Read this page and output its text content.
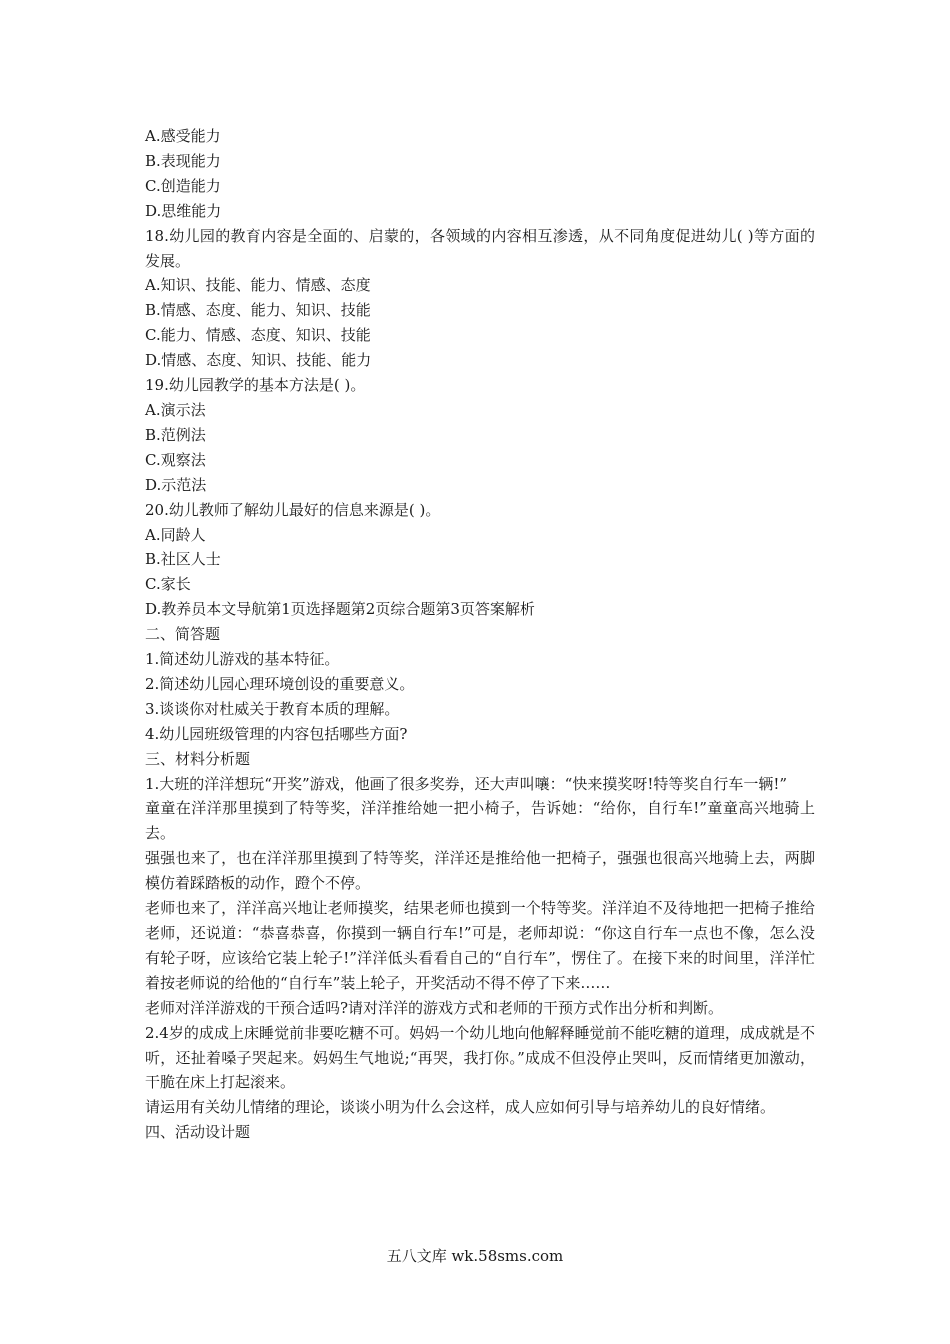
A.感受能力
B.表现能力
C.创造能力
D.思维能力
18.幼儿园的教育内容是全面的、启蒙的，各领域的内容相互渗透，从不同角度促进幼儿( )等方面的发展。
A.知识、技能、能力、情感、态度
B.情感、态度、能力、知识、技能
C.能力、情感、态度、知识、技能
D.情感、态度、知识、技能、能力
19.幼儿园教学的基本方法是( )。
A.演示法
B.范例法
C.观察法
D.示范法
20.幼儿教师了解幼儿最好的信息来源是( )。
A.同龄人
B.社区人士
C.家长
D.教养员本文导航第1页选择题第2页综合题第3页答案解析
二、简答题
1.简述幼儿游戏的基本特征。
2.简述幼儿园心理环境创设的重要意义。
3.谈谈你对杜威关于教育本质的理解。
4.幼儿园班级管理的内容包括哪些方面?
三、材料分析题
1.大班的洋洋想玩“开奖”游戏，他画了很多奖券，还大声叫嚷：“快来摸奖呀!特等奖自行车一辆!”
童童在洋洋那里摸到了特等奖，洋洋推给她一把小椅子，告诉她：“给你，自行车!”童童高兴地骑上去。
强强也来了，也在洋洋那里摸到了特等奖，洋洋还是推给他一把椅子，强强也很高兴地骑上去，两脚模仿着踩踏板的动作，蹬个不停。
老师也来了，洋洋高兴地让老师摸奖，结果老师也摸到一个特等奖。洋洋迫不及待地把一把椅子推给老师，还说道：“恭喜恭喜，你摸到一辆自行车!”可是，老师却说：“你这自行车一点也不像，怎么没有轮子呀，应该给它装上轮子!”洋洋低头看看自己的“自行车”，愣住了。在接下来的时间里，洋洋忙着按老师说的给他的“自行车”装上轮子，开奖活动不得不停了下来……
老师对洋洋游戏的干预合适吗?请对洋洋的游戏方式和老师的干预方式作出分析和判断。
2.4岁的成成上床睡觉前非要吃糖不可。妈妈一个幼儿地向他解释睡觉前不能吃糖的道理，成成就是不听，还扯着嗓子哭起来。妈妈生气地说;“再哭，我打你。”成成不但没停止哭叫，反而情绪更加激动，干脆在床上打起滚来。
请运用有关幼儿情绪的理论，谈谈小明为什么会这样，成人应如何引导与培养幼儿的良好情绪。
四、活动设计题
五八文库 wk.58sms.com
